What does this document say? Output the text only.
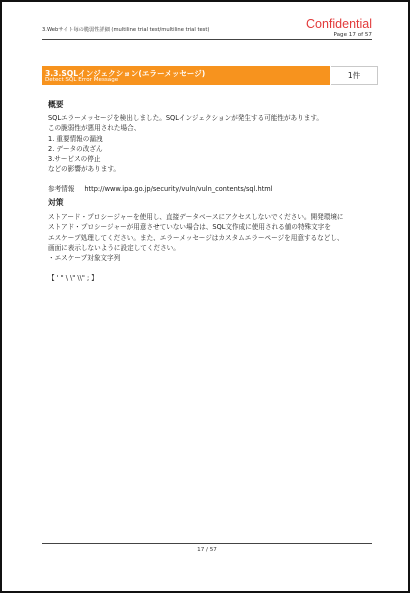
3.Webサイト毎の脆弱性詳細 (multiline trial test/multiline trial test)	Confidential
Page 17 of 57
3.3.SQLインジェクション(エラーメッセージ)
Detect SQL Error Message	1件
概要
SQLエラーメッセージを検出しました。SQLインジェクションが発生する可能性があります。
この脆弱性が悪用された場合、
1. 重要情報の漏洩
2. データの改ざん
3.サービスの停止
などの影響があります。
参考情報 http://www.ipa.go.jp/security/vuln/vuln_contents/sql.html
対策
ストアード・プロシージャーを使用し、直接データベースにアクセスしないでください。開発環境に
ストアド・プロシージャーが用意させていない場合は、SQL文作成に使用される値の特殊文字を
エスケープ処理してください。また、エラーメッセージはカスタムエラーページを用意するなどし、
画面に表示しないように設定してください。
・エスケープ対象文字列
【 ' " \ \" \\" ; 】
17 / 57
